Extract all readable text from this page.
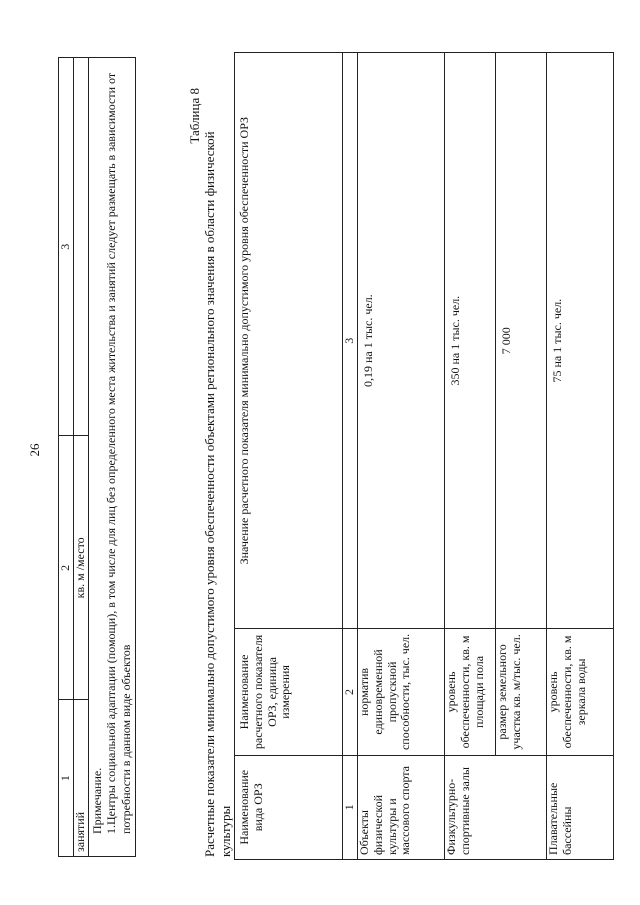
26
1	2	3
занятий	кв. м /место	

Примечание. 1.Центры социальной адаптации (помощи), в том числе для лиц без определенного места жительства и занятий следует размещать в зависимости от потребности в данном виде объектов		
Таблица 8
Расчетные показатели минимально допустимого уровня обеспеченности объектами регионального значения в области физической культуры Наименование вида ОРЗ	Наименование расчетного показателя ОРЗ, единица измерения	Значение расчетного показателя минимально допустимого уровня обеспеченности ОРЗ
1	2	3
Объекты физической культуры и массового спорта	норматив единовременной пропускной способности, тыс. чел.	0,19 на 1 тыс. чел.
Физкультурно-спортивные залы	уровень обеспеченности, кв. м площади пола	350 на 1 тыс. чел.
	размер земельного участка кв. м/тыс. чел.	7 000
Плавательные бассейны	уровень обеспеченности, кв. м зеркала воды	75 на 1 тыс. чел.
